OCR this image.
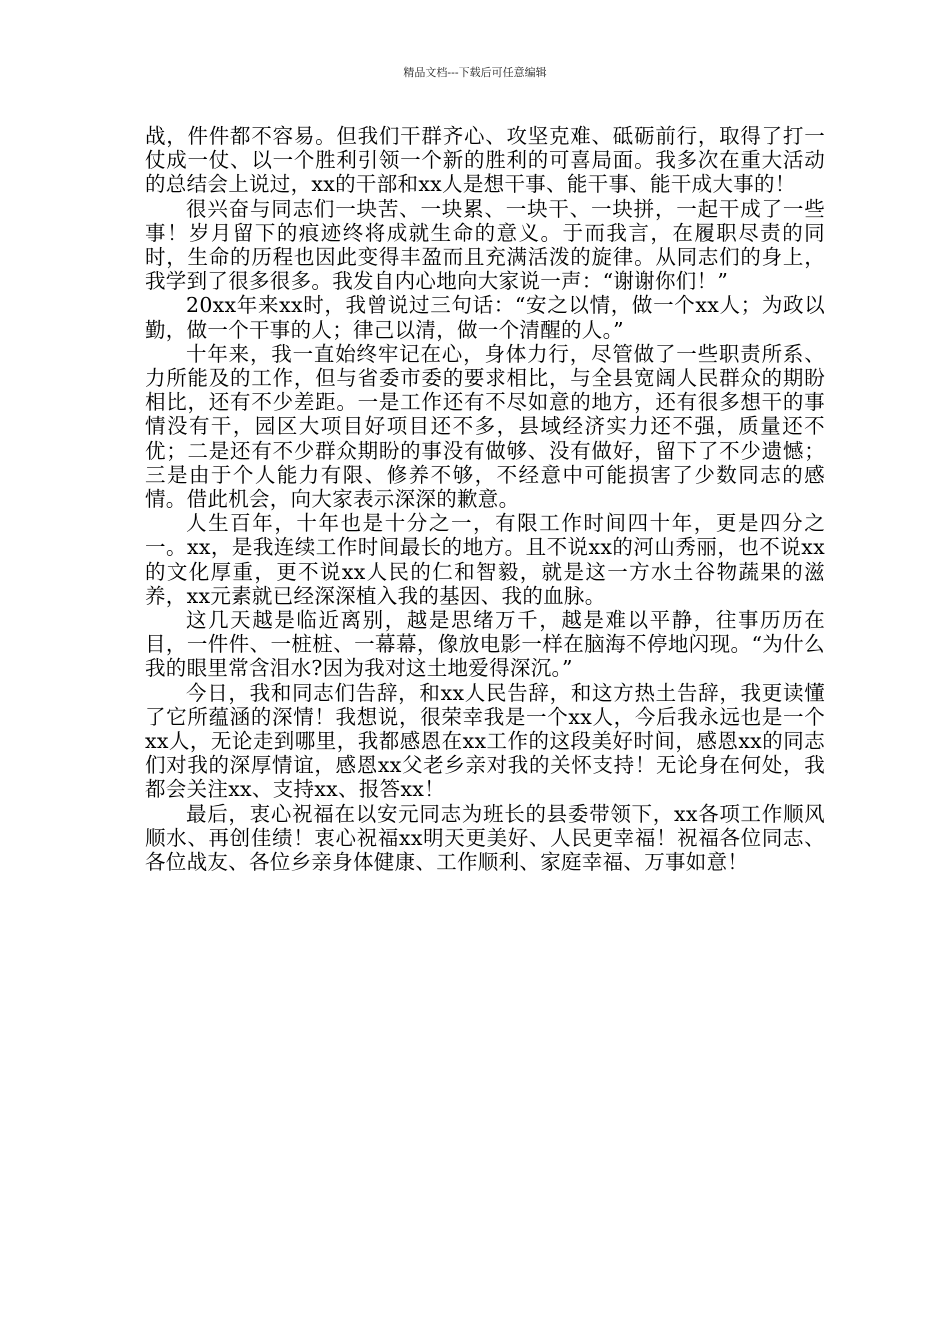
精品文档---下载后可任意编辑

战，件件都不容易。但我们干群齐心、攻坚克难、砥砺前行，取得了打一仗成一仗、以一个胜利引领一个新的胜利的可喜局面。我多次在重大活动的总结会上说过，xx的干部和xx人是想干事、能干事、能干成大事的！

很兴奋与同志们一块苦、一块累、一块干、一块拼，一起干成了一些事！岁月留下的痕迹终将成就生命的意义。于而我言，在履职尽责的同时，生命的历程也因此变得丰盈而且充满活泼的旋律。从同志们的身上，我学到了很多很多。我发自内心地向大家说一声：“谢谢你们！”

20xx年来xx时，我曾说过三句话：“安之以情，做一个xx人；为政以勤，做一个干事的人；律己以清，做一个清醒的人。”

十年来，我一直始终牢记在心，身体力行，尽管做了一些职责所系、力所能及的工作，但与省委市委的要求相比，与全县宽阔人民群众的期盼相比，还有不少差距。一是工作还有不尽如意的地方，还有很多想干的事情没有干，园区大项目好项目还不多，县域经济实力还不强，质量还不优；二是还有不少群众期盼的事没有做够、没有做好，留下了不少遗憾；三是由于个人能力有限、修养不够，不经意中可能损害了少数同志的感情。借此机会，向大家表示深深的歉意。

人生百年，十年也是十分之一，有限工作时间四十年，更是四分之一。xx，是我连续工作时间最长的地方。且不说xx的河山秀丽，也不说xx的文化厚重，更不说xx人民的仁和智毅，就是这一方水土谷物蔬果的滋养，xx元素就已经深深植入我的基因、我的血脉。

这几天越是临近离别，越是思绪万千，越是难以平静，往事历历在目，一件件、一桩桩、一幕幕，像放电影一样在脑海不停地闪现。“为什么我的眼里常含泪水?因为我对这土地爱得深沉。”

今日，我和同志们告辞，和xx人民告辞，和这方热土告辞，我更读懂了它所蕴涵的深情！我想说，很荣幸我是一个xx人，今后我永远也是一个xx人，无论走到哪里，我都感恩在xx工作的这段美好时间，感恩xx的同志们对我的深厚情谊，感恩xx父老乡亲对我的关怀支持！无论身在何处，我都会关注xx、支持xx、报答xx！

最后，衷心祝福在以安元同志为班长的县委带领下，xx各项工作顺风顺水、再创佳绩！衷心祝福xx明天更美好、人民更幸福！祝福各位同志、各位战友、各位乡亲身体健康、工作顺利、家庭幸福、万事如意！
